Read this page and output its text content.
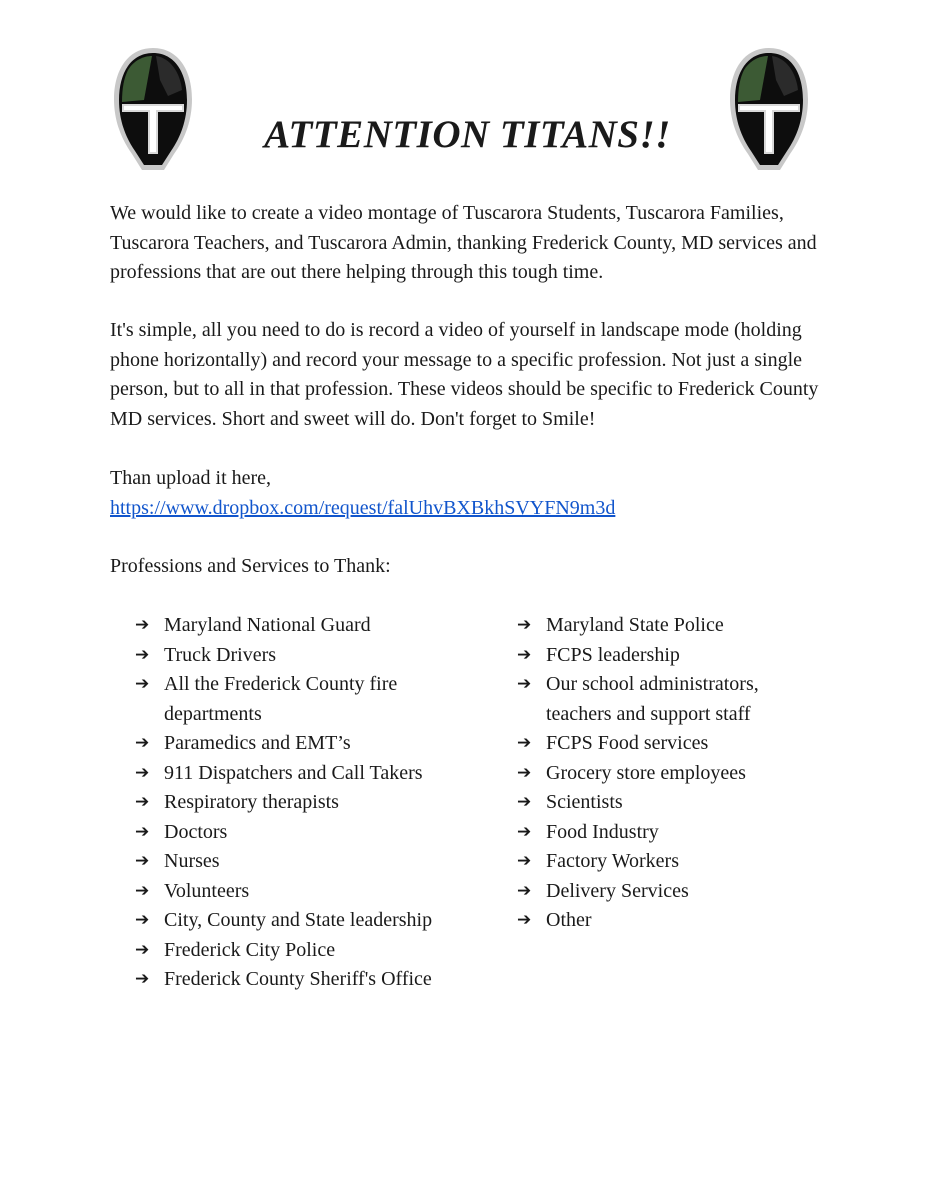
ATTENTION TITANS!!

We would like to create a video montage of Tuscarora Students, Tuscarora Families, Tuscarora Teachers, and Tuscarora Admin, thanking Frederick County, MD services and professions that are out there helping through this tough time.

It's simple, all you need to do is record a video of yourself in landscape mode (holding phone horizontally) and record your message to a specific profession. Not just a single person, but to all in that profession. These videos should be specific to Frederick County MD services. Short and sweet will do. Don't forget to Smile!

Than upload it here,

https://www.dropbox.com/request/falUhvBXBkhSVYFN9m3d

Professions and Services to Thank:

➔ Maryland National Guard
➔ Truck Drivers
➔ All the Frederick County fire departments
➔ Paramedics and EMT’s
➔ 911 Dispatchers and Call Takers
➔ Respiratory therapists
➔ Doctors
➔ Nurses
➔ Volunteers
➔ City, County and State leadership
➔ Frederick City Police
➔ Frederick County Sheriff's Office
➔ Maryland State Police
➔ FCPS leadership
➔ Our school administrators, teachers and support staff
➔ FCPS Food services
➔ Grocery store employees
➔ Scientists
➔ Food Industry
➔ Factory Workers
➔ Delivery Services
➔ Other
